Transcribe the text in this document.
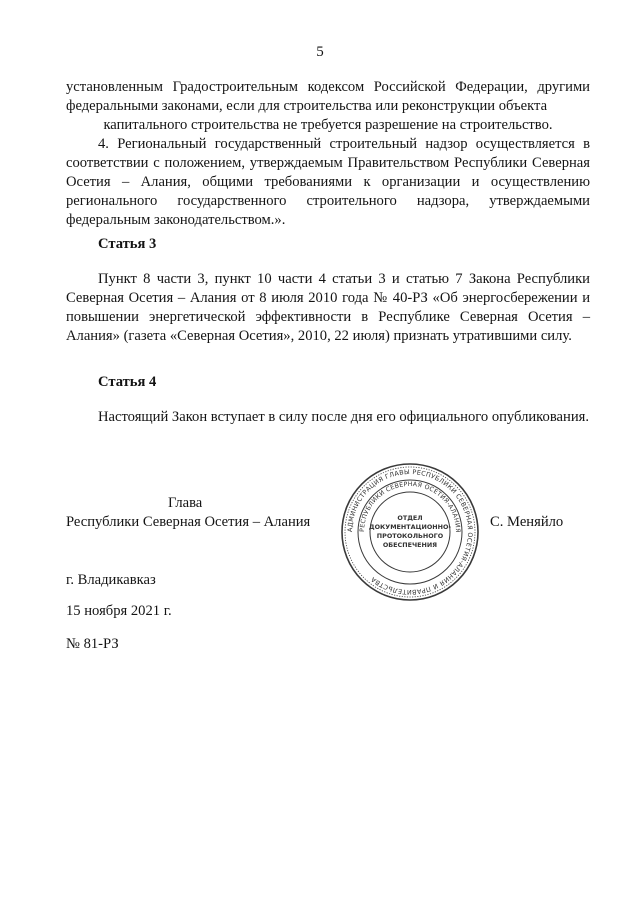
5

установленным Градостроительным кодексом Российской Федерации, другими федеральными законами, если для строительства или реконструкции объекта

капитального строительства не требуется разрешение на строительство.

4. Региональный государственный строительный надзор осуществляется в соответствии с положением, утверждаемым Правительством Республики Северная Осетия – Алания, общими требованиями к организации и осуществлению регионального государственного строительного надзора, утверждаемыми федеральным законодательством.».

Статья 3

Пункт 8 части 3, пункт 10 части 4 статьи 3 и статью 7 Закона Республики Северная Осетия – Алания от 8 июля 2010 года № 40-РЗ «Об энергосбережении и повышении энергетической эффективности в Республике Северная Осетия – Алания» (газета «Северная Осетия», 2010, 22 июля) признать утратившими силу.

Статья 4

Настоящий Закон вступает в силу после дня его официального опубликования.

Глава
Республики Северная Осетия – Алания	С. Меняйло
АДМИНИСТРАЦИЯ ГЛАВЫ РЕСПУБЛИКИ СЕВЕРНАЯ ОСЕТИЯ-АЛАНИЯ И ПРАВИТЕЛЬСТВА
РЕСПУБЛИКИ СЕВЕРНАЯ ОСЕТИЯ-АЛАНИЯ
ОТДЕЛ
ДОКУМЕНТАЦИОННО-
ПРОТОКОЛЬНОГО
ОБЕСПЕЧЕНИЯ
г. Владикавказ
15 ноября 2021 г.
№ 81-РЗ
